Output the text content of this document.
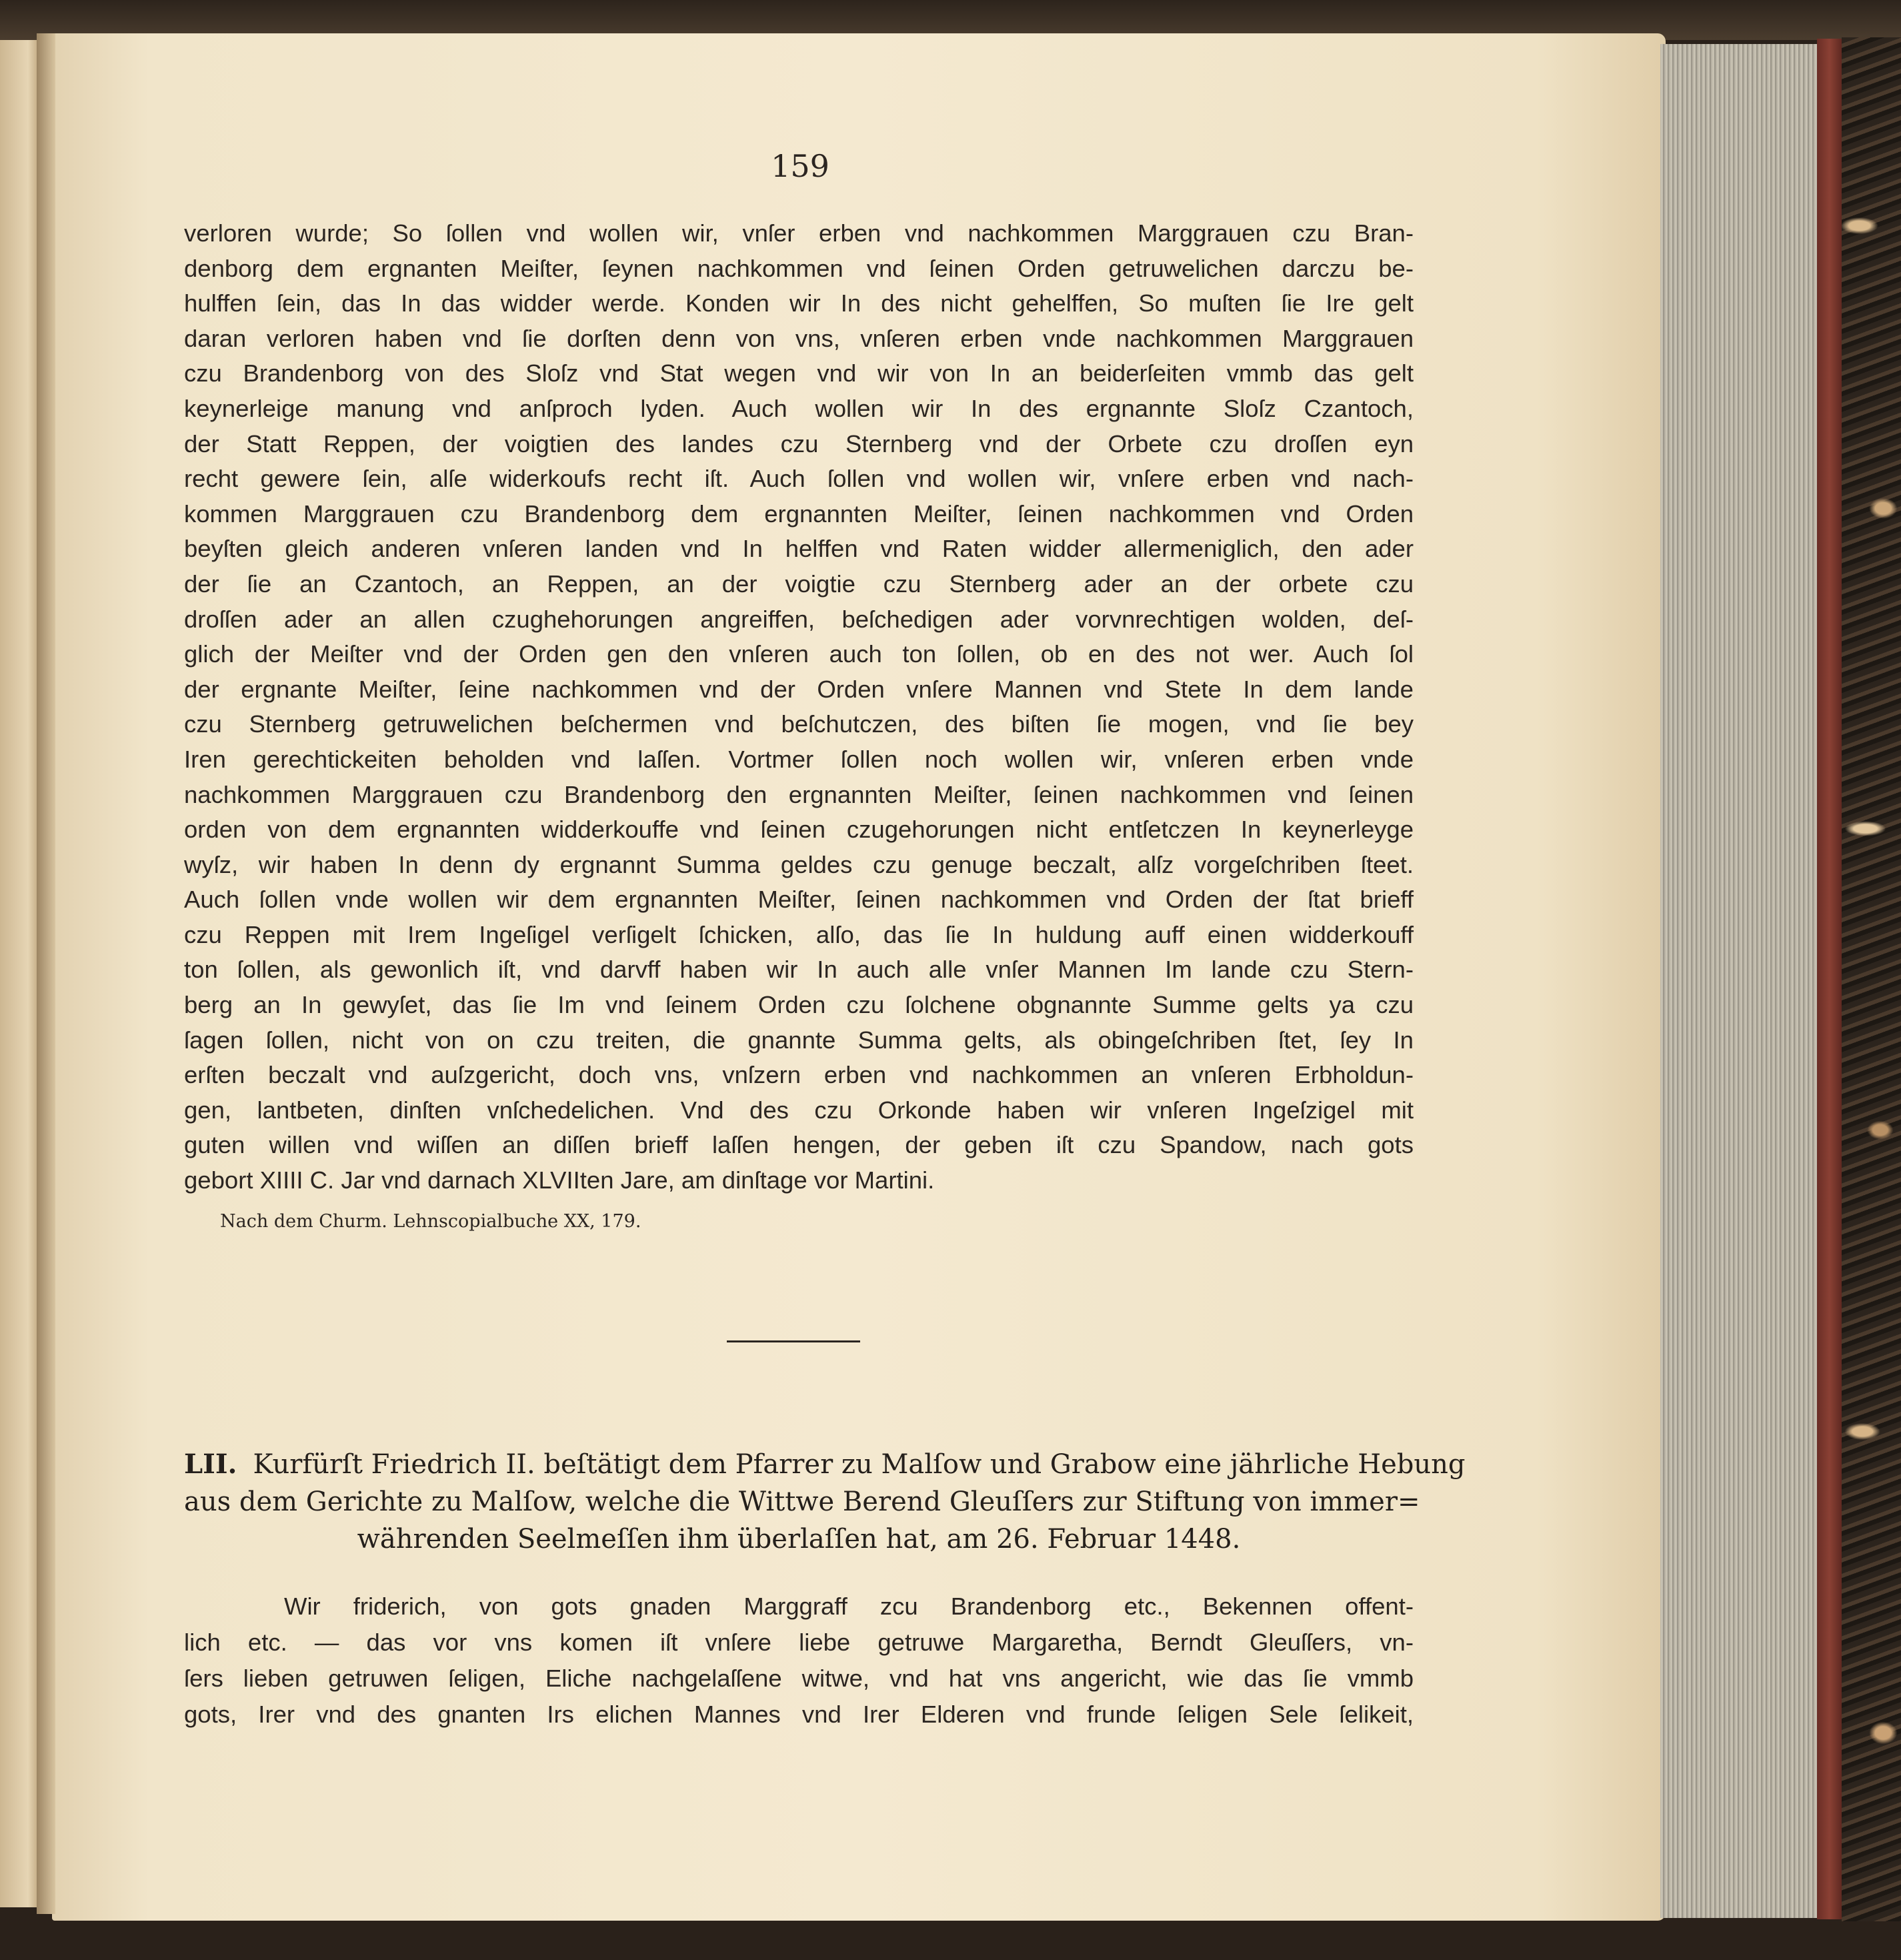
159
verloren wurde; So ſollen vnd wollen wir, vnſer erben vnd nachkommen Marggrauen czu Bran-
denborg dem ergnanten Meiſter, ſeynen nachkommen vnd ſeinen Orden getruwelichen darczu be-
hulffen ſein, das In das widder werde. Konden wir In des nicht gehelffen, So muſten ſie Ire gelt
daran verloren haben vnd ſie dorſten denn von vns, vnſeren erben vnde nachkommen Marggrauen
czu Brandenborg von des Sloſz vnd Stat wegen vnd wir von In an beiderſeiten vmmb das gelt
keynerleige manung vnd anſproch lyden. Auch wollen wir In des ergnannte Sloſz Czantoch,
der Statt Reppen, der voigtien des landes czu Sternberg vnd der Orbete czu droſſen eyn
recht gewere ſein, alſe widerkoufs recht iſt. Auch ſollen vnd wollen wir, vnſere erben vnd nach-
kommen Marggrauen czu Brandenborg dem ergnannten Meiſter, ſeinen nachkommen vnd Orden
beyſten gleich anderen vnſeren landen vnd In helffen vnd Raten widder allermeniglich, den ader
der ſie an Czantoch, an Reppen, an der voigtie czu Sternberg ader an der orbete czu
droſſen ader an allen czughehorungen angreiffen, beſchedigen ader vorvnrechtigen wolden, deſ-
glich der Meiſter vnd der Orden gen den vnſeren auch ton ſollen, ob en des not wer. Auch ſol
der ergnante Meiſter, ſeine nachkommen vnd der Orden vnſere Mannen vnd Stete In dem lande
czu Sternberg getruwelichen beſchermen vnd beſchutczen, des biſten ſie mogen, vnd ſie bey
Iren gerechtickeiten beholden vnd laſſen. Vortmer ſollen noch wollen wir, vnſeren erben vnde
nachkommen Marggrauen czu Brandenborg den ergnannten Meiſter, ſeinen nachkommen vnd ſeinen
orden von dem ergnannten widderkouffe vnd ſeinen czugehorungen nicht entſetczen In keynerleyge
wyſz, wir haben In denn dy ergnannt Summa geldes czu genuge beczalt, alſz vorgeſchriben ſteet.
Auch ſollen vnde wollen wir dem ergnannten Meiſter, ſeinen nachkommen vnd Orden der ſtat brieff
czu Reppen mit Irem Ingeſigel verſigelt ſchicken, alſo, das ſie In huldung auff einen widderkouff
ton ſollen, als gewonlich iſt, vnd darvff haben wir In auch alle vnſer Mannen Im lande czu Stern-
berg an In gewyſet, das ſie Im vnd ſeinem Orden czu ſolchene obgnannte Summe gelts ya czu
ſagen ſollen, nicht von on czu treiten, die gnannte Summa gelts, als obingeſchriben ſtet, ſey In
erſten beczalt vnd auſzgericht, doch vns, vnſzern erben vnd nachkommen an vnſeren Erbholdun-
gen, lantbeten, dinſten vnſchedelichen. Vnd des czu Orkonde haben wir vnſeren Ingeſzigel mit
guten willen vnd wiſſen an diſſen brieff laſſen hengen, der geben iſt czu Spandow, nach gots
gebort XIIII C. Jar vnd darnach XLVIIten Jare, am dinſtage vor Martini.
Nach dem Churm. Lehnscopialbuche XX, 179.
LII. Kurfürſt Friedrich II. beſtätigt dem Pfarrer zu Malſow und Grabow eine jährliche Hebung
aus dem Gerichte zu Malſow, welche die Wittwe Berend Gleuſſers zur Stiftung von immer=
währenden Seelmeſſen ihm überlaſſen hat, am 26. Februar 1448.
Wir friderich, von gots gnaden Marggraff zcu Brandenborg etc., Bekennen offent-
lich etc. — das vor vns komen iſt vnſere liebe getruwe Margaretha, Berndt Gleuſſers, vn-
ſers lieben getruwen ſeligen, Eliche nachgelaſſene witwe, vnd hat vns angericht, wie das ſie vmmb
gots, Irer vnd des gnanten Irs elichen Mannes vnd Irer Elderen vnd frunde ſeligen Sele ſelikeit,
